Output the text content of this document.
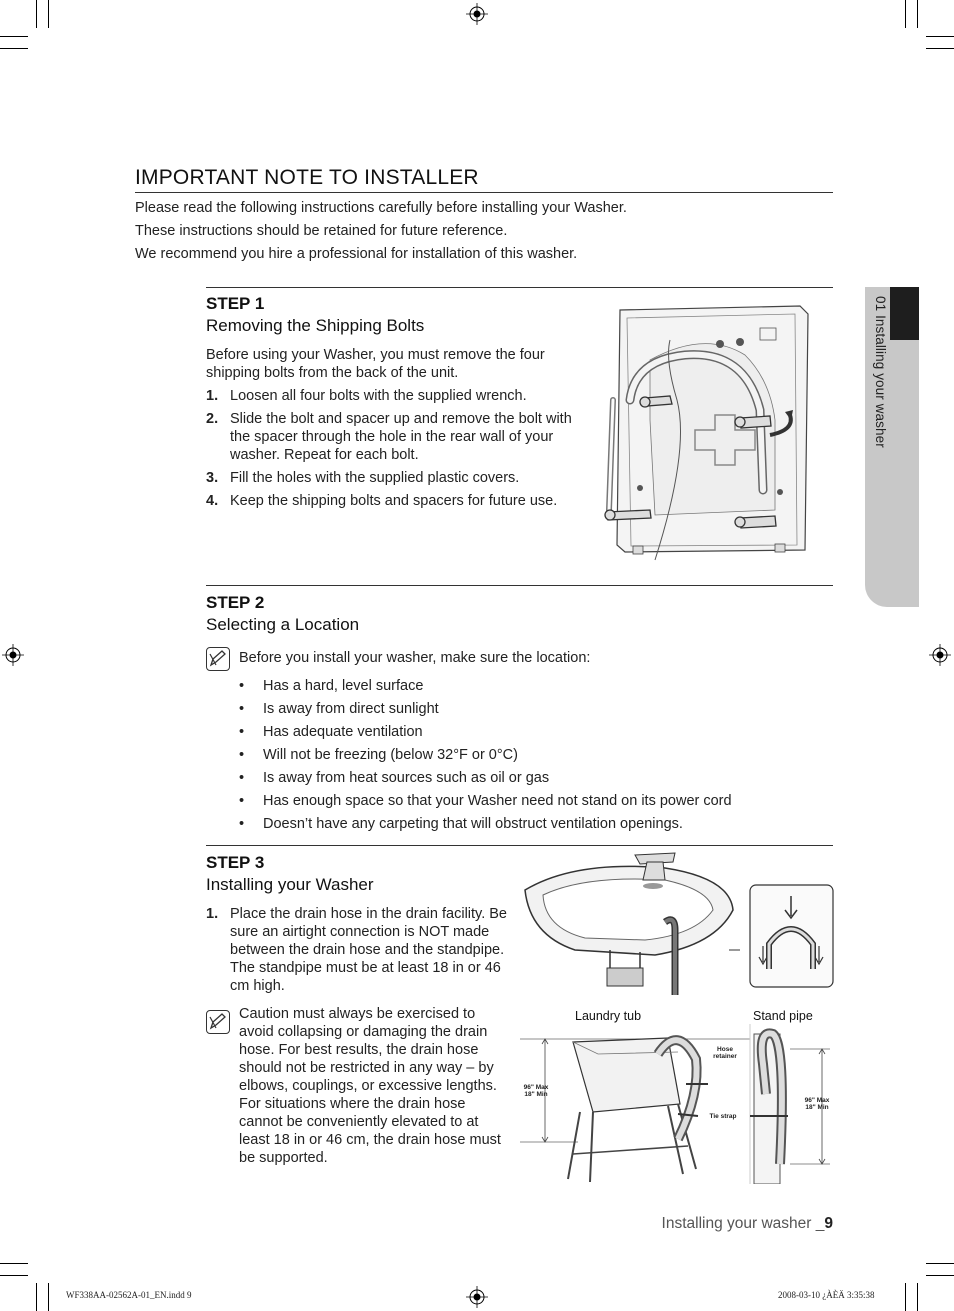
01 Installing your washer
IMPORTANT NOTE TO INSTALLER

Please read the following instructions carefully before installing your Washer.

These instructions should be retained for future reference.

We recommend you hire a professional for installation of this washer.

STEP 1
Removing the Shipping Bolts
Before using your Washer, you must remove the four shipping bolts from the back of the unit.
1. Loosen all four bolts with the supplied wrench.
2. Slide the bolt and spacer up and remove the bolt with the spacer through the hole in the rear wall of your washer. Repeat for each bolt.
3. Fill the holes with the supplied plastic covers.
4. Keep the shipping bolts and spacers for future use.
STEP 2
Selecting a Location
Before you install your washer, make sure the location:
• Has a hard, level surface
• Is away from direct sunlight
• Has adequate ventilation
• Will not be freezing (below 32°F or 0°C)
• Is away from heat sources such as oil or gas
• Has enough space so that your Washer need not stand on its power cord
• Doesn’t have any carpeting that will obstruct ventilation openings.
STEP 3
Installing your Washer
1. Place the drain hose in the drain facility. Be sure an airtight connection is NOT made between the drain hose and the standpipe. The standpipe must be at least 18 in or 46 cm high.
Caution must always be exercised to avoid collapsing or damaging the drain hose. For best results, the drain hose should not be restricted in any way – by elbows, couplings, or excessive lengths. For situations where the drain hose cannot be conveniently elevated to at least 18 in or 46 cm, the drain hose must be supported.
Laundry tub	Stand pipe
Hose
retainer
Tie strap
96" Max
18" Min
96" Max
18" Min
Installing your washer _9
WF338AA-02562A-01_EN.indd 9	2008-03-10 ¿ÀÈÄ 3:35:38
